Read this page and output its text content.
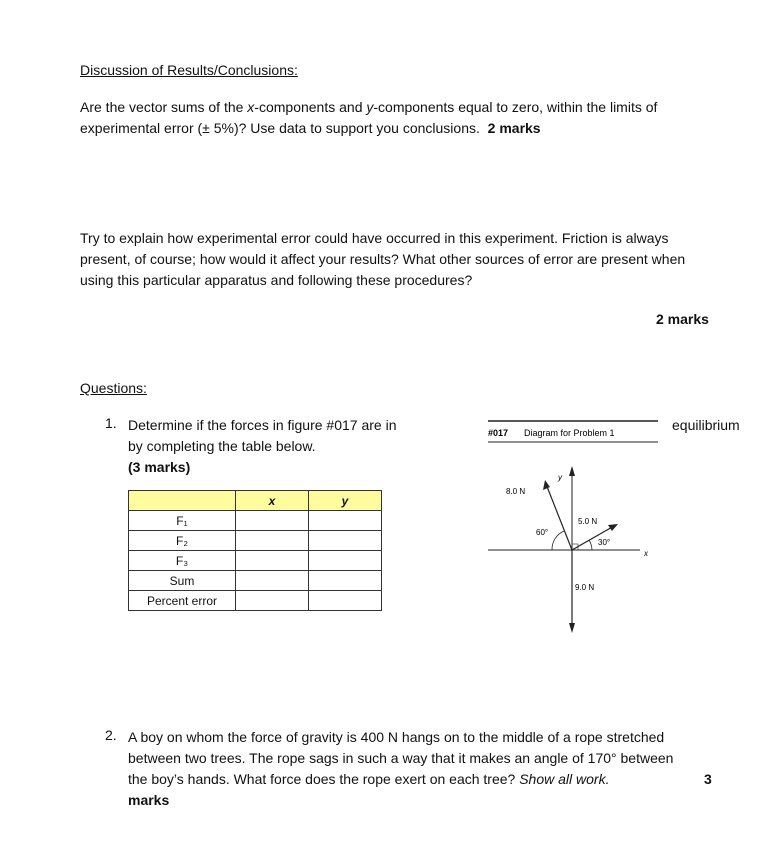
Discussion of Results/Conclusions:
Are the vector sums of the x-components and y-components equal to zero, within the limits of
experimental error (± 5%)? Use data to support you conclusions. 2 marks
Try to explain how experimental error could have occurred in this experiment. Friction is always
present, of course; how would it affect your results? What other sources of error are present when
using this particular apparatus and following these procedures?
2 marks
Questions:
1. Determine if the forces in figure #017 are in
by completing the table below.
(3 marks)
equilibrium
	x	y
F₁		
F₂		
F₃		
Sum		
Percent error		
#017 Diagram for Problem 1
y
x
8.0 N
5.0 N
9.0 N
60°
30°
2. A boy on whom the force of gravity is 400 N hangs on to the middle of a rope stretched
between two trees. The rope sags in such a way that it makes an angle of 170° between
the boy’s hands. What force does the rope exert on each tree? Show all work.
marks
3
